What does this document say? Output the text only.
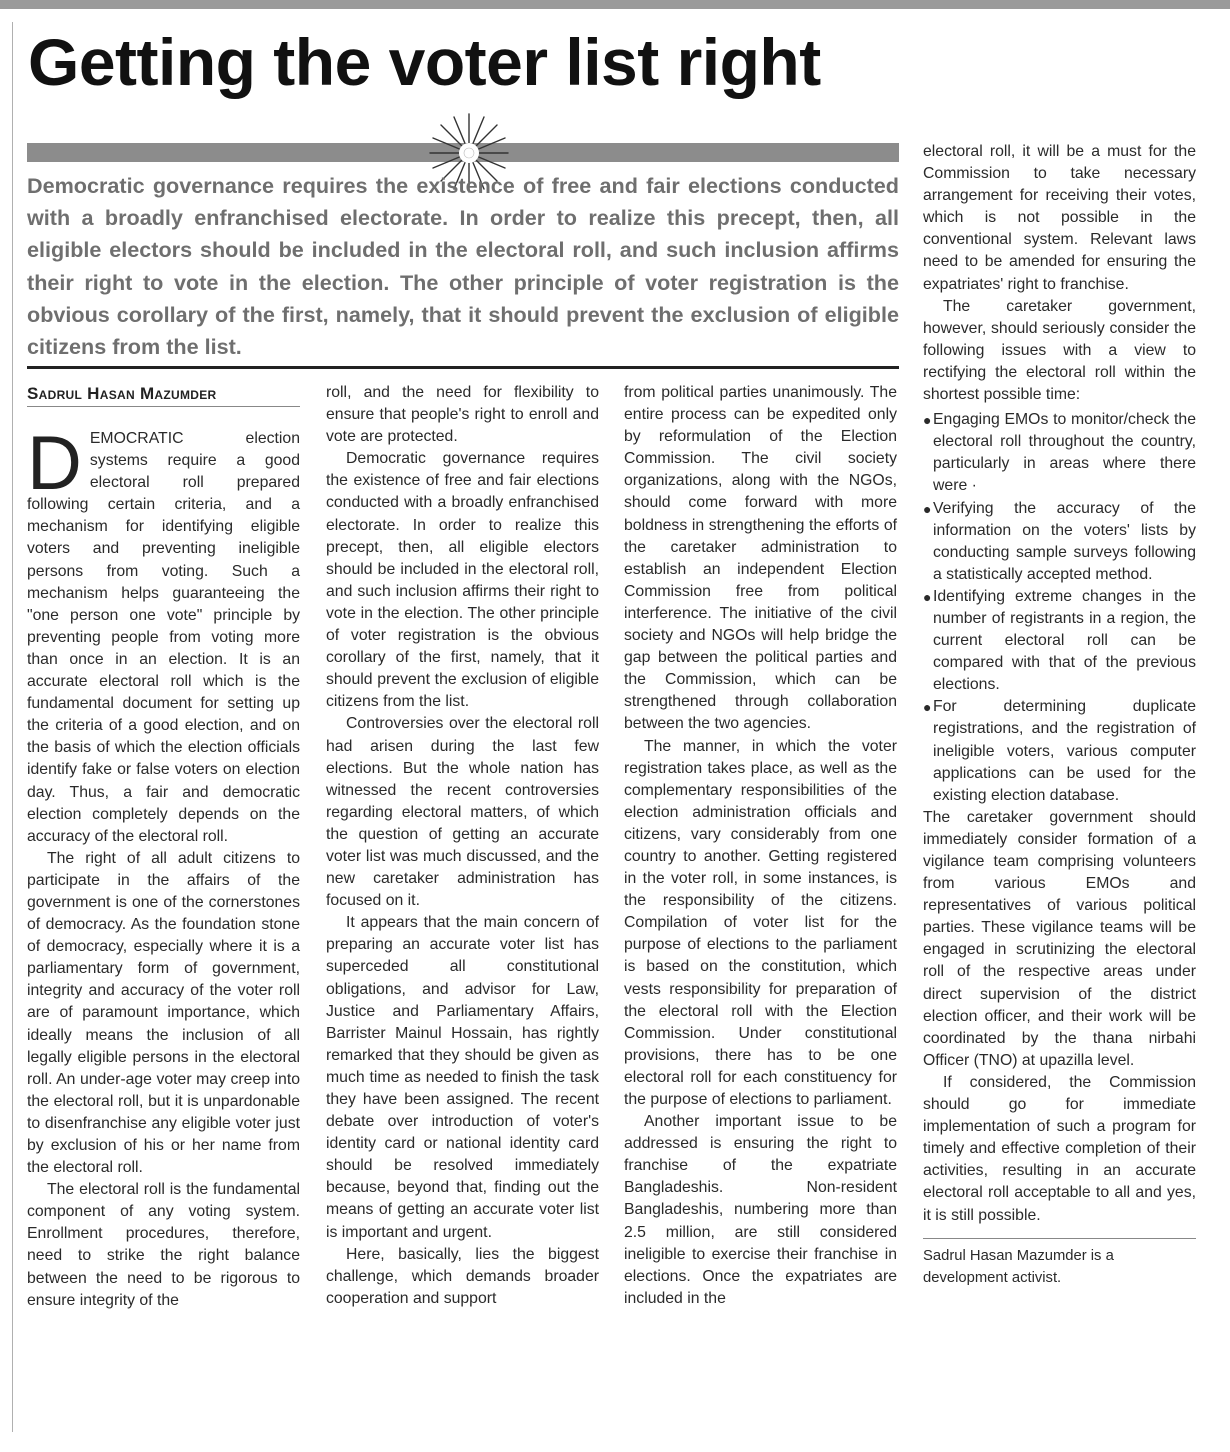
Getting the voter list right

Democratic governance requires the existence of free and fair elections conducted with a broadly enfranchised electorate. In order to realize this precept, then, all eligible electors should be included in the electoral roll, and such inclusion affirms their right to vote in the election. The other principle of voter registration is the obvious corollary of the first, namely, that it should prevent the exclusion of eligible citizens from the list.

Sadrul Hasan Mazumder

DEMOCRATIC election systems require a good electoral roll prepared following certain criteria, and a mechanism for identifying eligible voters and preventing ineligible persons from voting. Such a mechanism helps guaranteeing the "one person one vote" principle by preventing people from voting more than once in an election. It is an accurate electoral roll which is the fundamental document for setting up the criteria of a good election, and on the basis of which the election officials identify fake or false voters on election day. Thus, a fair and democratic election completely depends on the accuracy of the electoral roll.

The right of all adult citizens to participate in the affairs of the government is one of the cornerstones of democracy. As the foundation stone of democracy, especially where it is a parliamentary form of government, integrity and accuracy of the voter roll are of paramount importance, which ideally means the inclusion of all legally eligible persons in the electoral roll. An under-age voter may creep into the electoral roll, but it is unpardonable to disenfranchise any eligible voter just by exclusion of his or her name from the electoral roll.

The electoral roll is the fundamental component of any voting system. Enrollment procedures, therefore, need to strike the right balance between the need to be rigorous to ensure integrity of the

roll, and the need for flexibility to ensure that people's right to enroll and vote are protected.

Democratic governance requires the existence of free and fair elections conducted with a broadly enfranchised electorate. In order to realize this precept, then, all eligible electors should be included in the electoral roll, and such inclusion affirms their right to vote in the election. The other principle of voter registration is the obvious corollary of the first, namely, that it should prevent the exclusion of eligible citizens from the list.

Controversies over the electoral roll had arisen during the last few elections. But the whole nation has witnessed the recent controversies regarding electoral matters, of which the question of getting an accurate voter list was much discussed, and the new caretaker administration has focused on it.

It appears that the main concern of preparing an accurate voter list has superceded all constitutional obligations, and advisor for Law, Justice and Parliamentary Affairs, Barrister Mainul Hossain, has rightly remarked that they should be given as much time as needed to finish the task they have been assigned. The recent debate over introduction of voter's identity card or national identity card should be resolved immediately because, beyond that, finding out the means of getting an accurate voter list is important and urgent.

Here, basically, lies the biggest challenge, which demands broader cooperation and support

from political parties unanimously. The entire process can be expedited only by reformulation of the Election Commission. The civil society organizations, along with the NGOs, should come forward with more boldness in strengthening the efforts of the caretaker administration to establish an independent Election Commission free from political interference. The initiative of the civil society and NGOs will help bridge the gap between the political parties and the Commission, which can be strengthened through collaboration between the two agencies.

The manner, in which the voter registration takes place, as well as the complementary responsibilities of the election administration officials and citizens, vary considerably from one country to another. Getting registered in the voter roll, in some instances, is the responsibility of the citizens. Compilation of voter list for the purpose of elections to the parliament is based on the constitution, which vests responsibility for preparation of the electoral roll with the Election Commission. Under constitutional provisions, there has to be one electoral roll for each constituency for the purpose of elections to parliament.

Another important issue to be addressed is ensuring the right to franchise of the expatriate Bangladeshis. Non-resident Bangladeshis, numbering more than 2.5 million, are still considered ineligible to exercise their franchise in elections. Once the expatriates are included in the

electoral roll, it will be a must for the Commission to take necessary arrangement for receiving their votes, which is not possible in the conventional system. Relevant laws need to be amended for ensuring the expatriates' right to franchise.

The caretaker government, however, should seriously consider the following issues with a view to rectifying the electoral roll within the shortest possible time:

● Engaging EMOs to monitor/check the electoral roll throughout the country, particularly in areas where there were ·
● Verifying the accuracy of the information on the voters' lists by conducting sample surveys following a statistically accepted method.
● Identifying extreme changes in the number of registrants in a region, the current electoral roll can be compared with that of the previous elections.
● For determining duplicate registrations, and the registration of ineligible voters, various computer applications can be used for the existing election database.

The caretaker government should immediately consider formation of a vigilance team comprising volunteers from various EMOs and representatives of various political parties. These vigilance teams will be engaged in scrutinizing the electoral roll of the respective areas under direct supervision of the district election officer, and their work will be coordinated by the thana nirbahi Officer (TNO) at upazilla level.

If considered, the Commission should go for immediate implementation of such a program for timely and effective completion of their activities, resulting in an accurate electoral roll acceptable to all and yes, it is still possible.

Sadrul Hasan Mazumder is a development activist.
